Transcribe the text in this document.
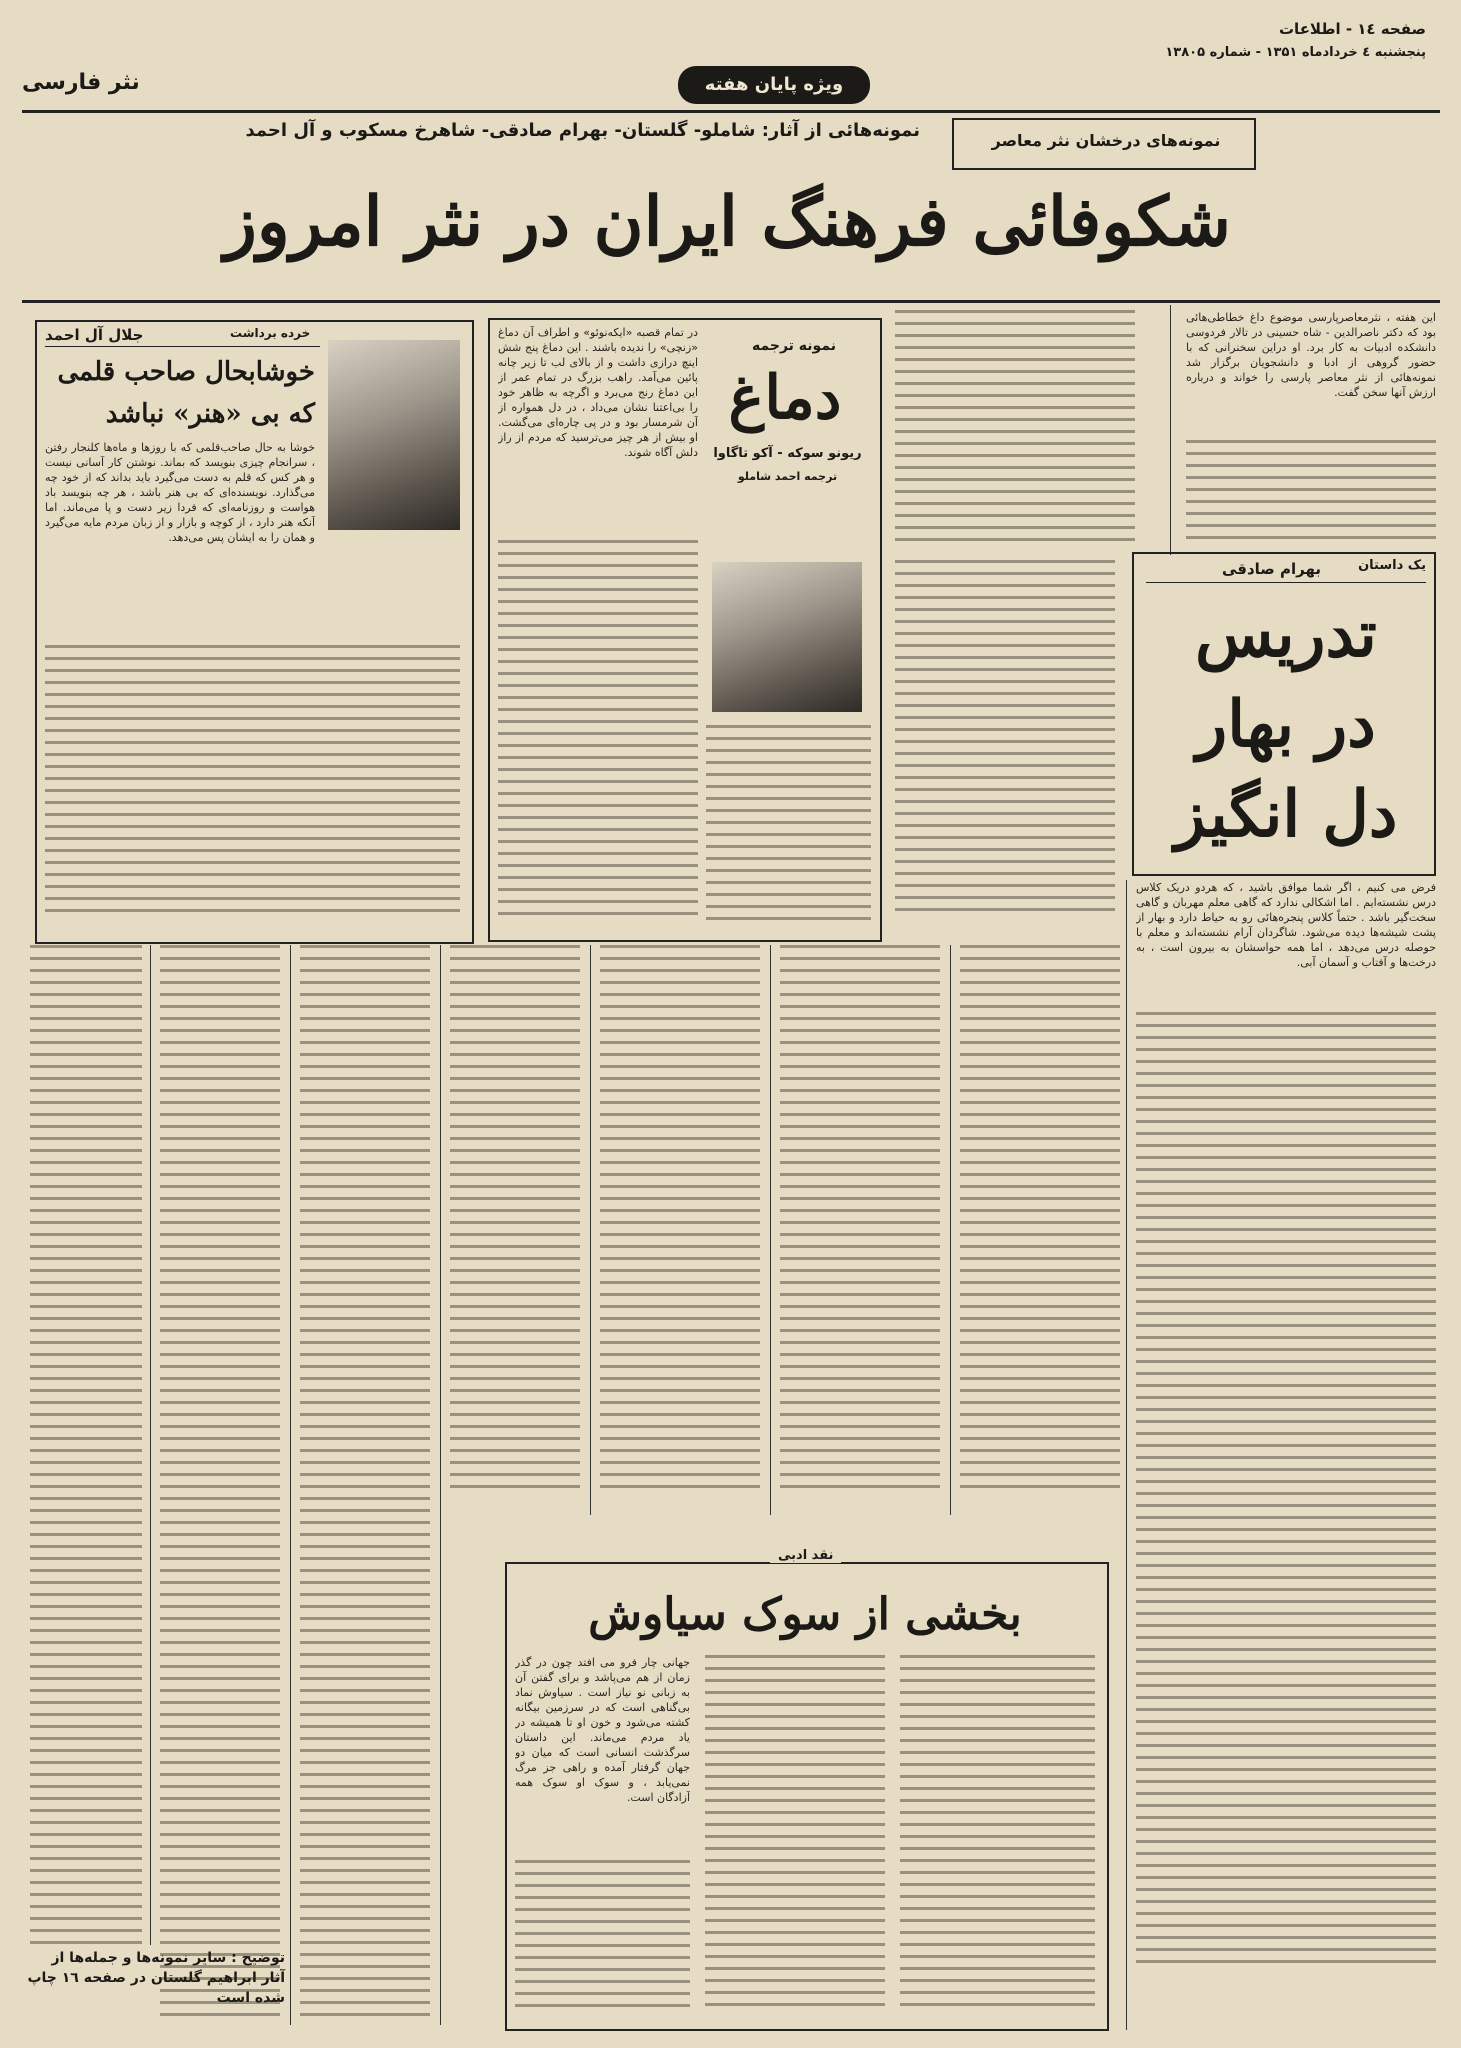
صفحه ۱٤ - اطلاعات
پنجشنبه ٤ خردادماه ۱۳۵۱ - شماره ۱۳۸۰۵
ویژه پایان هفته
نثر فارسی
نمونه‌های درخشان نثر معاصر
نمونه‌هائی از آثار: شاملو- گلستان- بهرام صادقی- شاهرخ مسکوب و آل احمد
شکوفائی فرهنگ ایران در نثر امروز
این هفته ، نثرمعاصرپارسی موضوع داغ خطاطی‌هائی بود که دکتر ناصرالدین - شاه حسینی در تالار فردوسی دانشکده ادبیات به کار برد. او دراین سخنرانی که با حضور گروهی از ادبا و دانشجویان برگزار شد نمونه‌هائی از نثر معاصر پارسی را خواند و درباره ارزش آنها سخن گفت.
یک داستان
بهرام صادقی
تدریس
در بهار
دل انگیز
فرض می کنیم ، اگر شما موافق باشید ، که هردو دریک کلاس درس نشسته‌ایم . اما اشکالی ندارد که گاهی معلم مهربان و گاهی سخت‌گیر باشد . حتماً کلاس پنجره‌هائی رو به حیاط دارد و بهار از پشت شیشه‌ها دیده می‌شود. شاگردان آرام نشسته‌اند و معلم با حوصله درس می‌دهد ، اما همه حواسشان به بیرون است ، به درخت‌ها و آفتاب و آسمان آبی.
نمونه ترجمه
دماغ
ریونو سوکه - آکو تاگاوا
ترجمه احمد شاملو
در تمام قصبه «ایکه‌نوئو» و اطراف آن دماغ «زنچی» را ندیده باشند . این دماغ پنج شش اینچ درازی داشت و از بالای لب تا زیر چانه پائین می‌آمد. راهب بزرگ در تمام عمر از این دماغ رنج می‌برد و اگرچه به ظاهر خود را بی‌اعتنا نشان می‌داد ، در دل همواره از آن شرمسار بود و در پی چاره‌ای می‌گشت. او بیش از هر چیز می‌ترسید که مردم از راز دلش آگاه شوند.
جلال آل احمد	خرده برداشت
خوشابحال صاحب قلمی
که بی «هنر» نباشد
خوشا به حال صاحب‌قلمی که با روزها و ماه‌ها کلنجار رفتن ، سرانجام چیزی بنویسد که بماند. نوشتن کار آسانی نیست و هر کس که قلم به دست می‌گیرد باید بداند که از خود چه می‌گذارد. نویسنده‌ای که بی هنر باشد ، هر چه بنویسد باد هواست و روزنامه‌ای که فردا زیر دست و پا می‌ماند. اما آنکه هنر دارد ، از کوچه و بازار و از زبان مردم مایه می‌گیرد و همان را به ایشان پس می‌دهد.
نقد ادبی
بخشی از سوک سیاوش
جهانی چار فرو می افتد چون در گذر زمان از هم می‌پاشد و برای گفتن آن به زبانی نو نیاز است . سیاوش نماد بی‌گناهی است که در سرزمین بیگانه کشته می‌شود و خون او تا همیشه در یاد مردم می‌ماند. این داستان سرگذشت انسانی است که میان دو جهان گرفتار آمده و راهی جز مرگ نمی‌یابد ، و سوک او سوک همه آزادگان است.
توضیح : سایر نمونه‌ها و جمله‌ها از آثار ابراهیم گلستان در صفحه ۱٦ چاپ شده است
